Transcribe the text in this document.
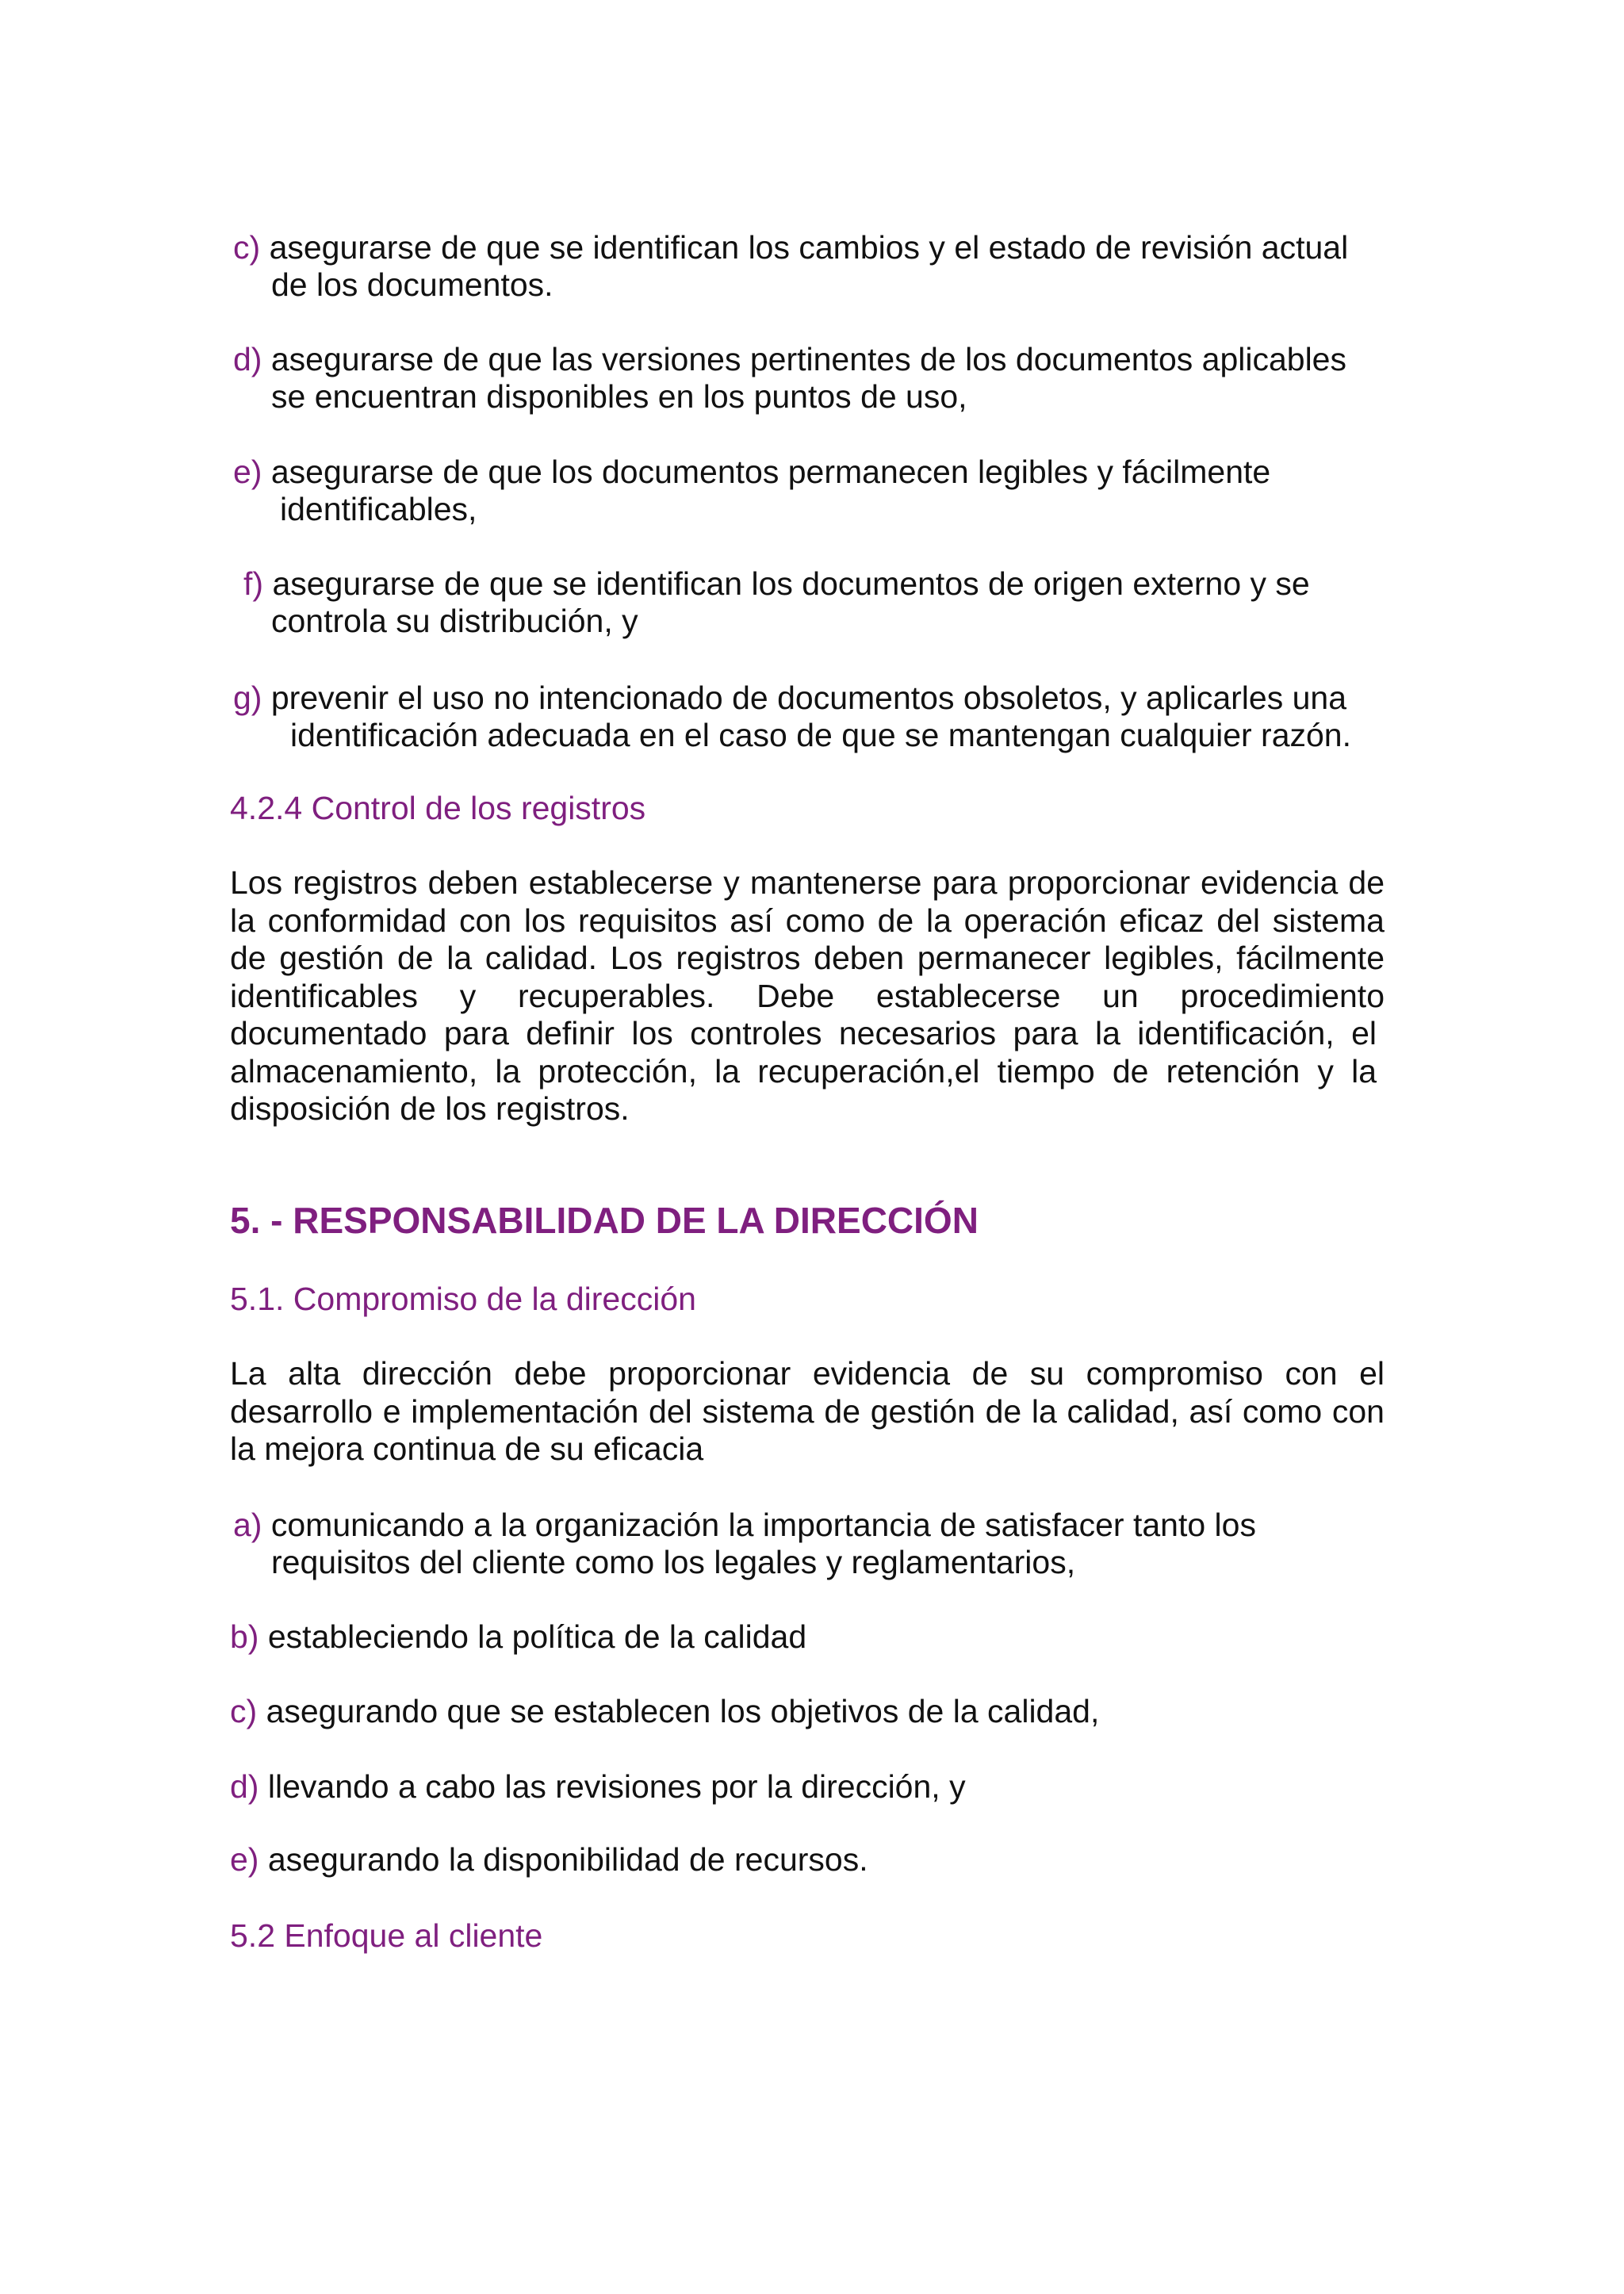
c) asegurarse de que se identifican los cambios y el estado de revisión actual
de los documentos.
d) asegurarse de que las versiones pertinentes de los documentos aplicables
se encuentran disponibles en los puntos de uso,
e) asegurarse de que los documentos permanecen legibles y fácilmente
identificables,
f) asegurarse de que se identifican los documentos de origen externo y se
controla su distribución, y
g) prevenir el uso no intencionado de documentos obsoletos, y aplicarles una
identificación adecuada en el caso de que se mantengan cualquier razón.
4.2.4 Control de los registros
Los registros deben establecerse y mantenerse para proporcionar evidencia de
la conformidad con los requisitos así como de la operación eficaz del sistema
de gestión de la calidad. Los registros deben permanecer legibles, fácilmente
identificables y recuperables. Debe establecerse un procedimiento
documentado para definir los controles necesarios para la identificación, el
almacenamiento, la protección, la recuperación,el tiempo de retención y la
disposición de los registros.
5. - RESPONSABILIDAD DE LA DIRECCIÓN
5.1. Compromiso de la dirección
La alta dirección debe proporcionar evidencia de su compromiso con el
desarrollo e implementación del sistema de gestión de la calidad, así como con
la mejora continua de su eficacia
a) comunicando a la organización la importancia de satisfacer tanto los
requisitos del cliente como los legales y reglamentarios,
b) estableciendo la política de la calidad
c) asegurando que se establecen los objetivos de la calidad,
d) llevando a cabo las revisiones por la dirección, y
e) asegurando la disponibilidad de recursos.
5.2 Enfoque al cliente
